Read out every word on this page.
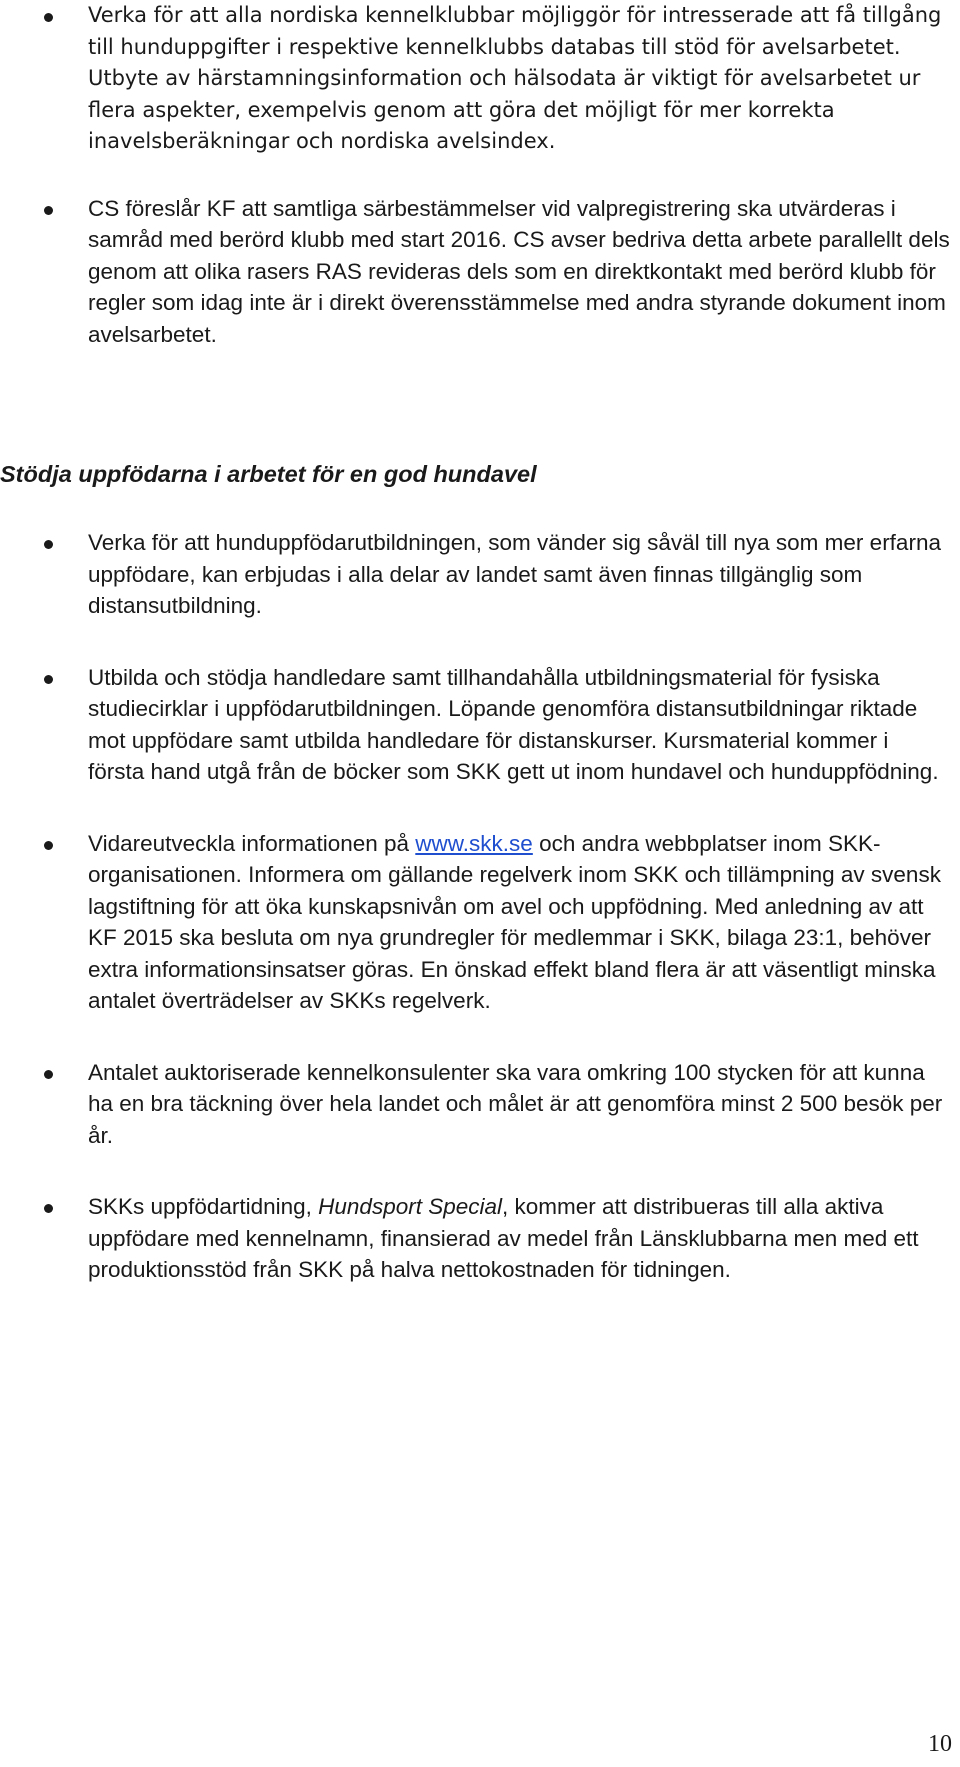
Verka för att alla nordiska kennelklubbar möjliggör för intresserade att få tillgång till hunduppgifter i respektive kennelklubbs databas till stöd för avelsarbetet. Utbyte av härstamningsinformation och hälsodata är viktigt för avelsarbetet ur flera aspekter, exempelvis genom att göra det möjligt för mer korrekta inavelsberäkningar och nordiska avelsindex.

CS föreslår KF att samtliga särbestämmelser vid valpregistrering ska utvärderas i samråd med berörd klubb med start 2016. CS avser bedriva detta arbete parallellt dels genom att olika rasers RAS revideras dels som en direktkontakt med berörd klubb för regler som idag inte är i direkt överensstämmelse med andra styrande dokument inom avelsarbetet.

Stödja uppfödarna i arbetet för en god hundavel

Verka för att hunduppfödarutbildningen, som vänder sig såväl till nya som mer erfarna uppfödare, kan erbjudas i alla delar av landet samt även finnas tillgänglig som distansutbildning.

Utbilda och stödja handledare samt tillhandahålla utbildningsmaterial för fysiska studiecirklar i uppfödarutbildningen. Löpande genomföra distansutbildningar riktade mot uppfödare samt utbilda handledare för distanskurser. Kursmaterial kommer i första hand utgå från de böcker som SKK gett ut inom hundavel och hunduppfödning.

Vidareutveckla informationen på www.skk.se och andra webbplatser inom SKK-organisationen. Informera om gällande regelverk inom SKK och tillämpning av svensk lagstiftning för att öka kunskapsnivån om avel och uppfödning. Med anledning av att KF 2015 ska besluta om nya grundregler för medlemmar i SKK, bilaga 23:1, behöver extra informationsinsatser göras. En önskad effekt bland flera är att väsentligt minska antalet överträdelser av SKKs regelverk.

Antalet auktoriserade kennelkonsulenter ska vara omkring 100 stycken för att kunna ha en bra täckning över hela landet och målet är att genomföra minst 2 500 besök per år.

SKKs uppfödartidning, Hundsport Special, kommer att distribueras till alla aktiva uppfödare med kennelnamn, finansierad av medel från Länsklubbarna men med ett produktionsstöd från SKK på halva nettokostnaden för tidningen.

10
